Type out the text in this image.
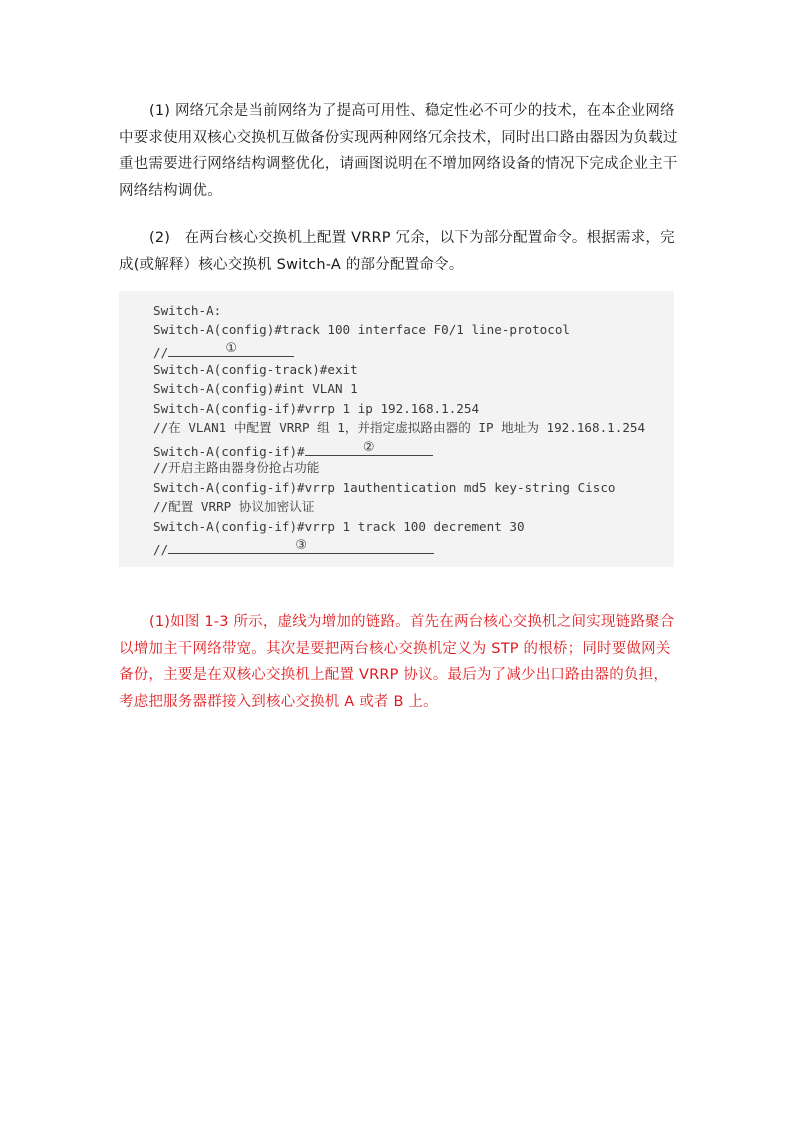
(1) 网络冗余是当前网络为了提高可用性、稳定性必不可少的技术，在本企业网络中要求使用双核心交换机互做备份实现两种网络冗余技术，同时出口路由器因为负载过重也需要进行网络结构调整优化，请画图说明在不增加网络设备的情况下完成企业主干网络结构调优。

(2) 在两台核心交换机上配置 VRRP 冗余，以下为部分配置命令。根据需求，完成(或解释）核心交换机 Switch-A 的部分配置命令。

Switch-A:
Switch-A(config)#track 100 interface F0/1 line-protocol
//	①
Switch-A(config-track)#exit
Switch-A(config)#int VLAN 1
Switch-A(config-if)#vrrp 1 ip 192.168.1.254
//在 VLAN1 中配置 VRRP 组 1，并指定虚拟路由器的 IP 地址为 192.168.1.254
Switch-A(config-if)#	②
//开启主路由器身份抢占功能
Switch-A(config-if)#vrrp 1authentication md5 key-string Cisco
//配置 VRRP 协议加密认证
Switch-A(config-if)#vrrp 1 track 100 decrement 30
//	③

(1)如图 1-3 所示，虚线为增加的链路。首先在两台核心交换机之间实现链路聚合以增加主干网络带宽。其次是要把两台核心交换机定义为 STP 的根桥；同时要做网关备份，主要是在双核心交换机上配置 VRRP 协议。最后为了减少出口路由器的负担，考虑把服务器群接入到核心交换机 A 或者 B 上。
